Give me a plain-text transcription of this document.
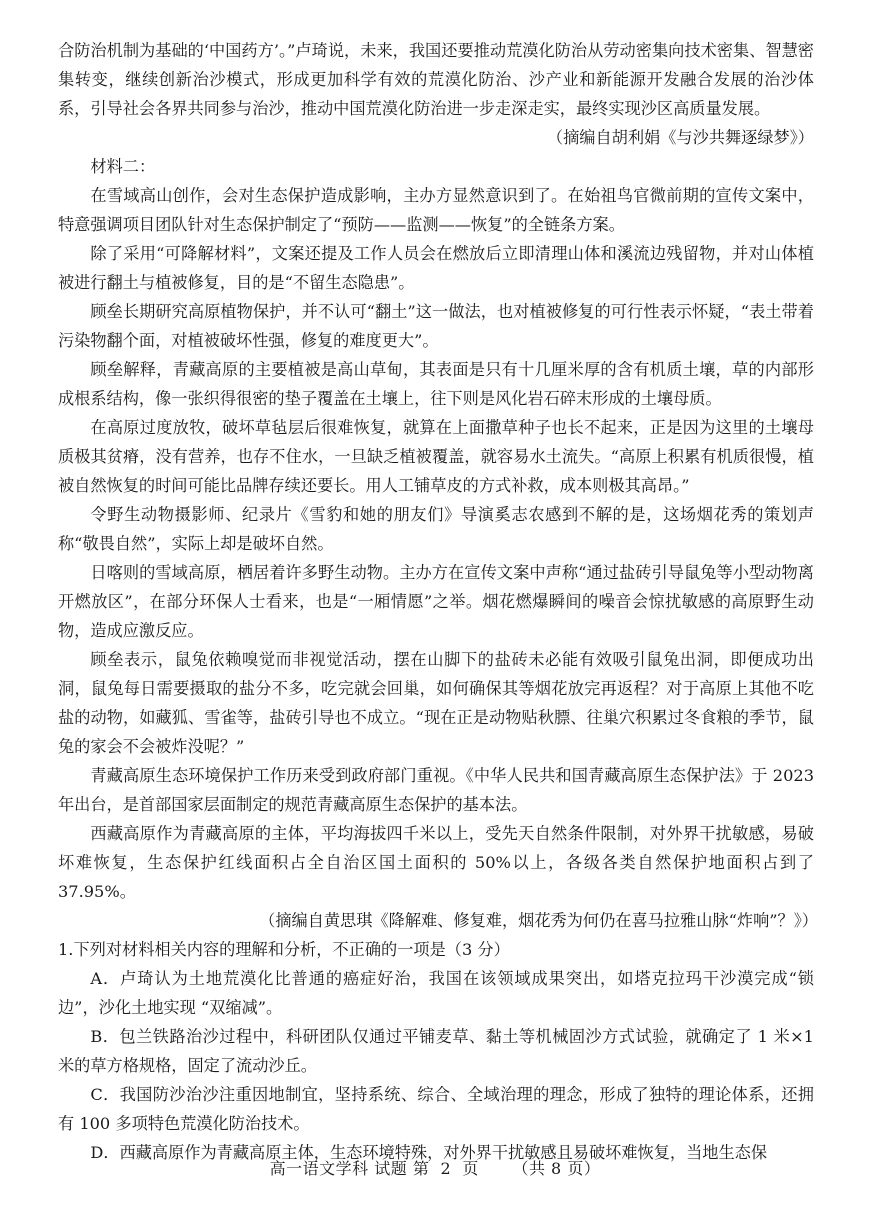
合防治机制为基础的‘中国药方’。”卢琦说，未来，我国还要推动荒漠化防治从劳动密集向技术密集、智慧密集转变，继续创新治沙模式，形成更加科学有效的荒漠化防治、沙产业和新能源开发融合发展的治沙体系，引导社会各界共同参与治沙，推动中国荒漠化防治进一步走深走实，最终实现沙区高质量发展。

（摘编自胡利娟《与沙共舞逐绿梦》）

材料二：

在雪域高山创作，会对生态保护造成影响，主办方显然意识到了。在始祖鸟官微前期的宣传文案中，特意强调项目团队针对生态保护制定了“预防——监测——恢复”的全链条方案。

除了采用“可降解材料”，文案还提及工作人员会在燃放后立即清理山体和溪流边残留物，并对山体植被进行翻土与植被修复，目的是“不留生态隐患”。

顾垒长期研究高原植物保护，并不认可“翻土”这一做法，也对植被修复的可行性表示怀疑，“表土带着污染物翻个面，对植被破坏性强，修复的难度更大”。

顾垒解释，青藏高原的主要植被是高山草甸，其表面是只有十几厘米厚的含有机质土壤，草的内部形成根系结构，像一张织得很密的垫子覆盖在土壤上，往下则是风化岩石碎末形成的土壤母质。

在高原过度放牧，破坏草毡层后很难恢复，就算在上面撒草种子也长不起来，正是因为这里的土壤母质极其贫瘠，没有营养，也存不住水，一旦缺乏植被覆盖，就容易水土流失。“高原上积累有机质很慢，植被自然恢复的时间可能比品牌存续还要长。用人工铺草皮的方式补救，成本则极其高昂。”

令野生动物摄影师、纪录片《雪豹和她的朋友们》导演奚志农感到不解的是，这场烟花秀的策划声称“敬畏自然”，实际上却是破坏自然。

日喀则的雪域高原，栖居着许多野生动物。主办方在宣传文案中声称“通过盐砖引导鼠兔等小型动物离开燃放区”，在部分环保人士看来，也是“一厢情愿”之举。烟花燃爆瞬间的噪音会惊扰敏感的高原野生动物，造成应激反应。

顾垒表示，鼠兔依赖嗅觉而非视觉活动，摆在山脚下的盐砖未必能有效吸引鼠兔出洞，即便成功出洞，鼠兔每日需要摄取的盐分不多，吃完就会回巢，如何确保其等烟花放完再返程？对于高原上其他不吃盐的动物，如藏狐、雪雀等，盐砖引导也不成立。“现在正是动物贴秋膘、往巢穴积累过冬食粮的季节，鼠兔的家会不会被炸没呢？”

青藏高原生态环境保护工作历来受到政府部门重视。《中华人民共和国青藏高原生态保护法》于 2023 年出台，是首部国家层面制定的规范青藏高原生态保护的基本法。

西藏高原作为青藏高原的主体，平均海拔四千米以上，受先天自然条件限制，对外界干扰敏感，易破坏难恢复，生态保护红线面积占全自治区国土面积的 50%以上，各级各类自然保护地面积占到了 37.95%。

（摘编自黄思琪《降解难、修复难，烟花秀为何仍在喜马拉雅山脉“炸响”？》）

1.下列对材料相关内容的理解和分析，不正确的一项是（3 分）

A．卢琦认为土地荒漠化比普通的癌症好治，我国在该领域成果突出，如塔克拉玛干沙漠完成“锁边”，沙化土地实现 “双缩减”。

B．包兰铁路治沙过程中，科研团队仅通过平铺麦草、黏土等机械固沙方式试验，就确定了 1 米×1 米的草方格规格，固定了流动沙丘。

C．我国防沙治沙注重因地制宜，坚持系统、综合、全域治理的理念，形成了独特的理论体系，还拥有 100 多项特色荒漠化防治技术。

D．西藏高原作为青藏高原主体，生态环境特殊，对外界干扰敏感且易破坏难恢复，当地生态保

高一语文学科 试题 第 2 页 （共 8 页）
